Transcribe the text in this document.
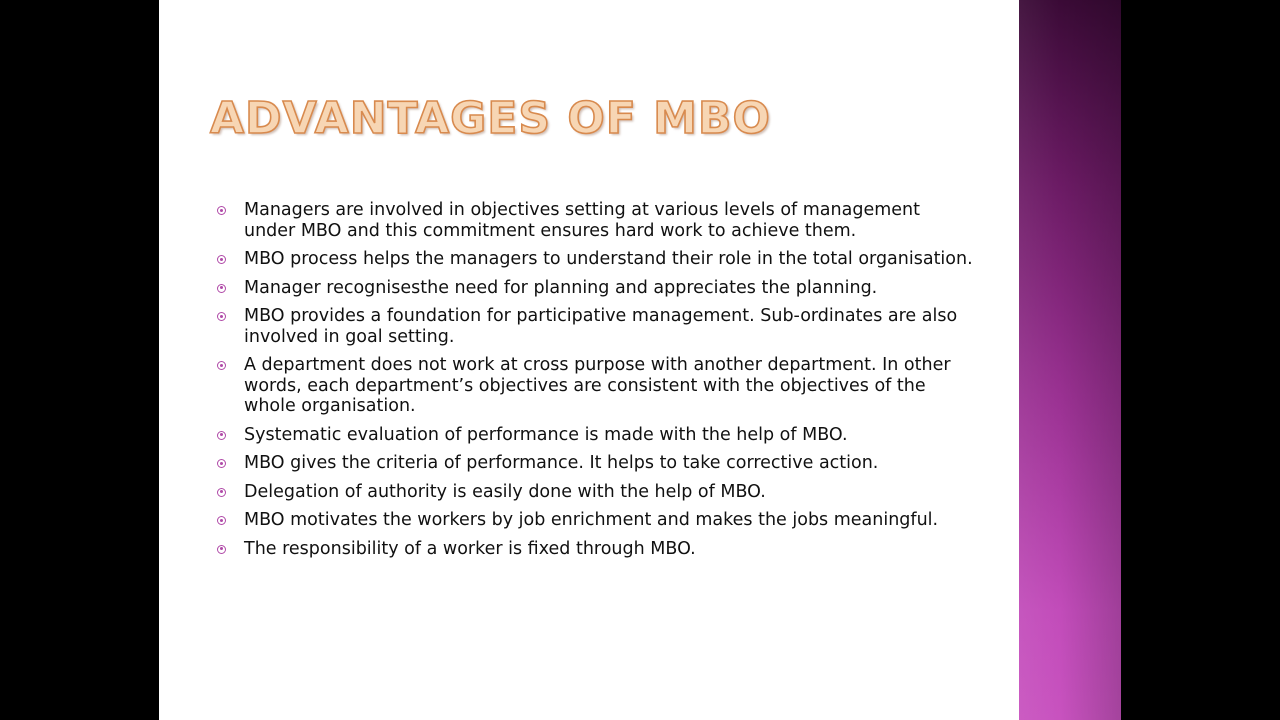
ADVANTAGES OF MBO
Managers are involved in objectives setting at various levels of management under MBO and this commitment ensures hard work to achieve them.
MBO process helps the managers to understand their role in the total organisation.
Manager recognisesthe need for planning and appreciates the planning.
MBO provides a foundation for participative management. Sub-ordinates are also involved in goal setting.
A department does not work at cross purpose with another department. In other words, each department’s objectives are consistent with the objectives of the whole organisation.
Systematic evaluation of performance is made with the help of MBO.
MBO gives the criteria of performance. It helps to take corrective action.
Delegation of authority is easily done with the help of MBO.
MBO motivates the workers by job enrichment and makes the jobs meaningful.
The responsibility of a worker is fixed through MBO.
